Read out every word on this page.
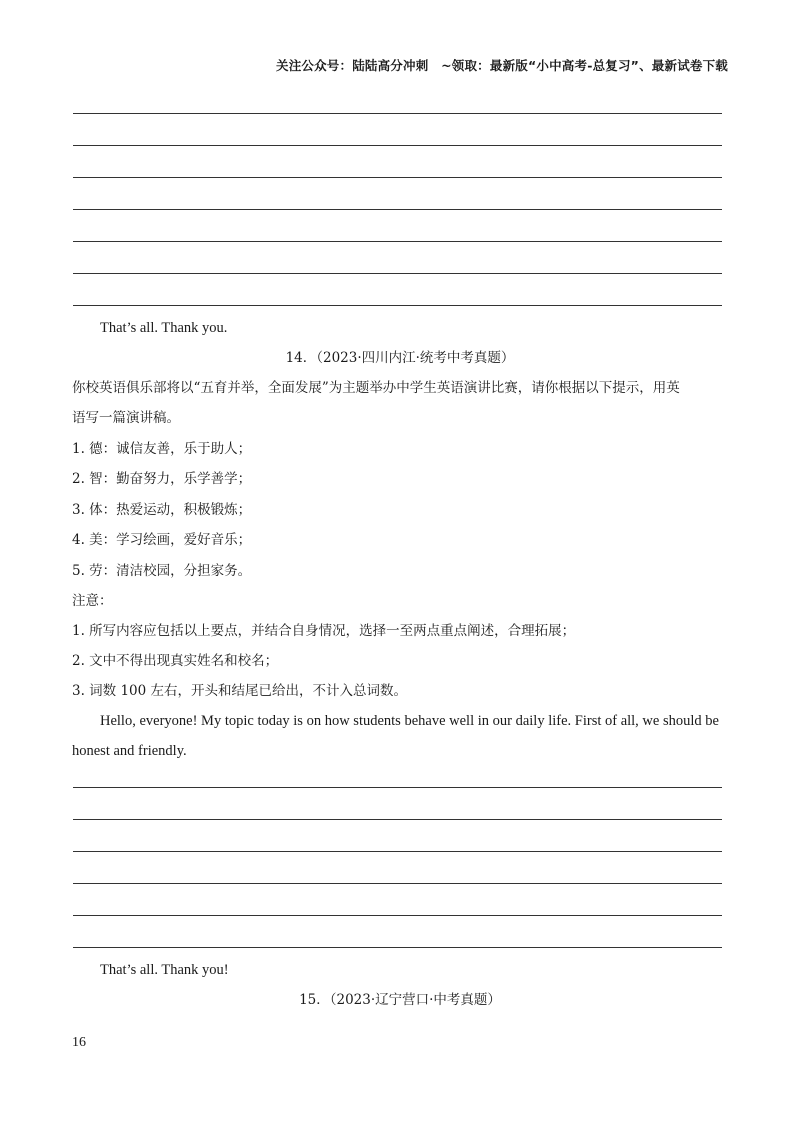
关注公众号：陆陆高分冲刺　~领取：最新版“小中高考-总复习”、最新试卷下载
That’s all. Thank you.
14．（2023·四川内江·统考中考真题）
你校英语俱乐部将以“五育并举，全面发展”为主题举办中学生英语演讲比赛，请你根据以下提示，用英
语写一篇演讲稿。
1. 德：诚信友善，乐于助人；
2. 智：勤奋努力，乐学善学；
3. 体：热爱运动，积极锻炼；
4. 美：学习绘画，爱好音乐；
5. 劳：清洁校园，分担家务。
注意：
1. 所写内容应包括以上要点，并结合自身情况，选择一至两点重点阐述，合理拓展；
2. 文中不得出现真实姓名和校名；
3. 词数 100 左右，开头和结尾已给出，不计入总词数。
Hello, everyone! My topic today is on how students behave well in our daily life. First of all, we should be
honest and friendly.
That’s all. Thank you!
15．（2023·辽宁营口·中考真题）
16
